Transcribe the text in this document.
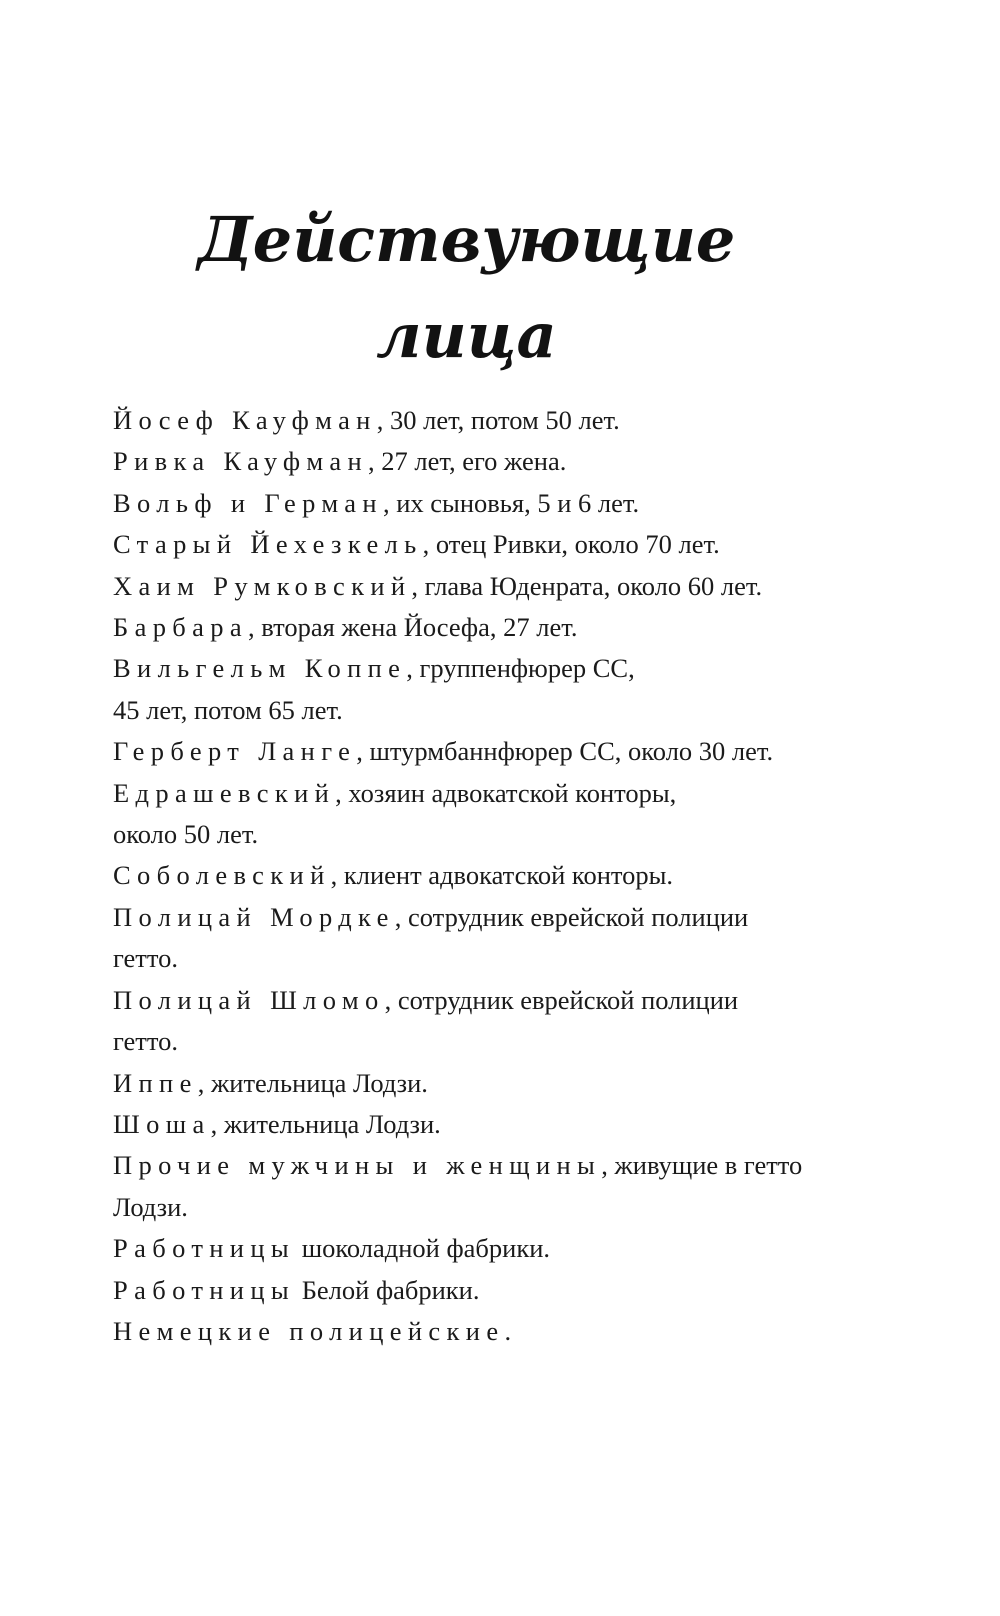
Действующие
лица

Йосеф Кауфман, 30 лет, потом 50 лет.

Ривка Кауфман, 27 лет, его жена.

Вольф и Герман, их сыновья, 5 и 6 лет.

Старый Йехезкель, отец Ривки, около 70 лет.

Хаим Румковский, глава Юденрата, около 60 лет.

Барбара, вторая жена Йосефа, 27 лет.

Вильгельм Коппе, группенфюрер СС,

45 лет, потом 65 лет.

Герберт Ланге, штурмбаннфюрер СС, около 30 лет.

Едрашевский, хозяин адвокатской конторы,

около 50 лет.

Соболевский, клиент адвокатской конторы.

Полицай Мордке, сотрудник еврейской полиции

гетто.

Полицай Шломо, сотрудник еврейской полиции

гетто.

Иппе, жительница Лодзи.

Шоша, жительница Лодзи.

Прочие мужчины и женщины, живущие в гетто

Лодзи.

Работницы шоколадной фабрики.

Работницы Белой фабрики.

Немецкие полицейские.
